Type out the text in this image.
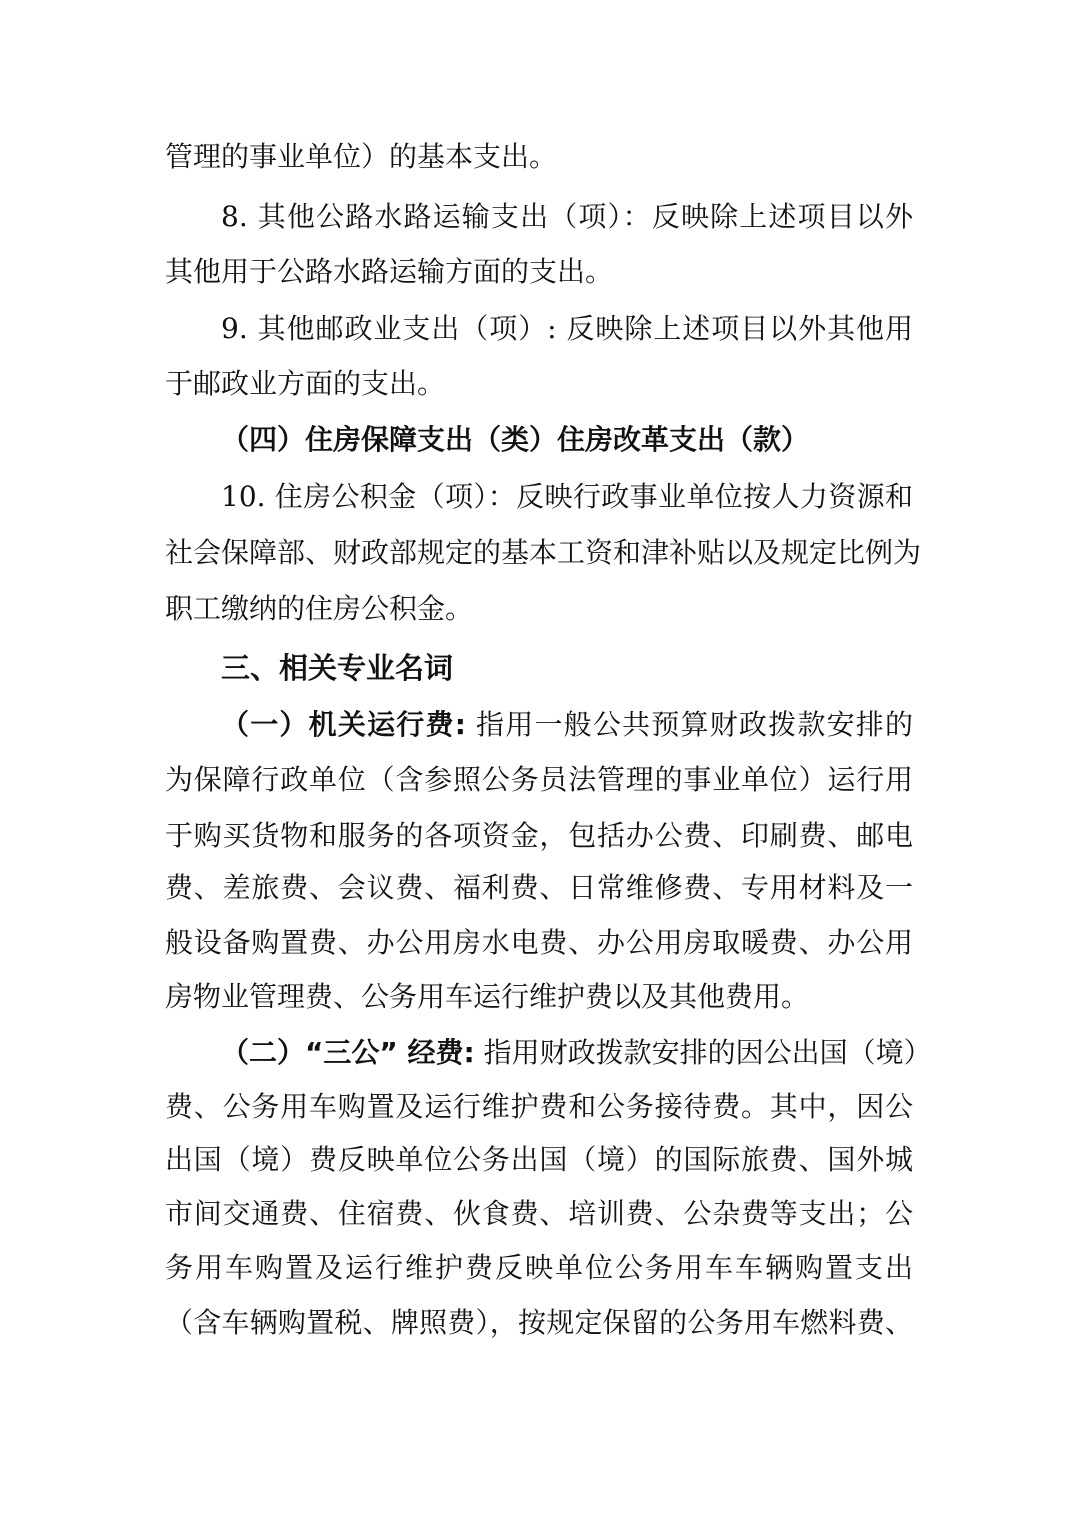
管理的事业单位）的基本支出。
8. 其他公路水路运输支出（项）：反映除上述项目以外
其他用于公路水路运输方面的支出。
9. 其他邮政业支出（项）: 反映除上述项目以外其他用
于邮政业方面的支出。
（四）住房保障支出（类）住房改革支出（款）
10. 住房公积金（项）：反映行政事业单位按人力资源和
社会保障部、财政部规定的基本工资和津补贴以及规定比例为
职工缴纳的住房公积金。
三、相关专业名词
（一）机关运行费: 指用一般公共预算财政拨款安排的
为保障行政单位（含参照公务员法管理的事业单位）运行用
于购买货物和服务的各项资金，包括办公费、印刷费、邮电
费、差旅费、会议费、福利费、日常维修费、专用材料及一
般设备购置费、办公用房水电费、办公用房取暖费、办公用
房物业管理费、公务用车运行维护费以及其他费用。
（二）“三公” 经费: 指用财政拨款安排的因公出国（境）
费、公务用车购置及运行维护费和公务接待费。其中，因公
出国（境）费反映单位公务出国（境）的国际旅费、国外城
市间交通费、住宿费、伙食费、培训费、公杂费等支出；公
务用车购置及运行维护费反映单位公务用车车辆购置支出
（含车辆购置税、牌照费），按规定保留的公务用车燃料费、
